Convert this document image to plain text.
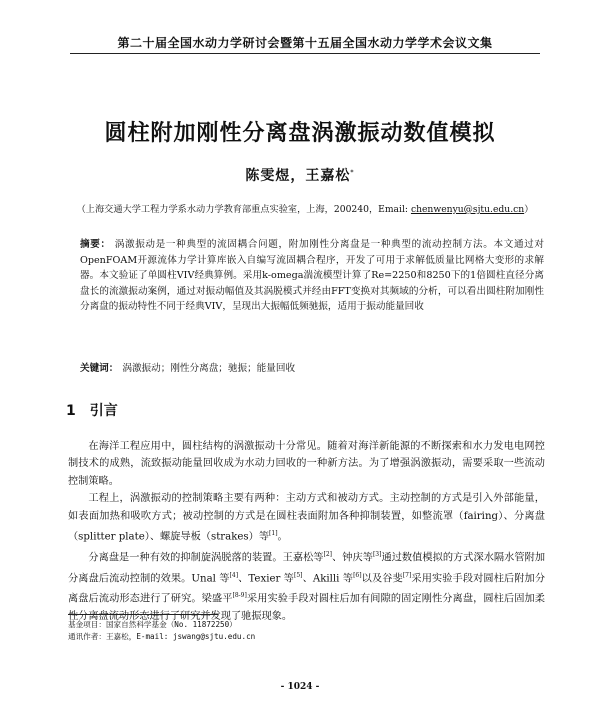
第二十届全国水动力学研讨会暨第十五届全国水动力学学术会议文集
圆柱附加刚性分离盘涡激振动数值模拟
陈雯煜，王嘉松*
（上海交通大学工程力学系水动力学教育部重点实验室，上海，200240，Email: chenwenyu@sjtu.edu.cn）
摘要： 涡激振动是一种典型的流固耦合问题，附加刚性分离盘是一种典型的流动控制方法。本文通过对OpenFOAM开源流体力学计算库嵌入自编写流固耦合程序，开发了可用于求解低质量比网格大变形的求解器。本文验证了单圆柱VIV经典算例。采用k-omega湍流模型计算了Re=2250和8250下的1倍圆柱直径分离盘长的流激振动案例，通过对振动幅值及其涡脱模式并经由FFT变换对其频域的分析，可以看出圆柱附加刚性分离盘的振动特性不同于经典VIV，呈现出大振幅低频驰振，适用于振动能量回收
关键词： 涡激振动；刚性分离盘；驰振；能量回收
1 引言

在海洋工程应用中，圆柱结构的涡激振动十分常见。随着对海洋新能源的不断探索和水力发电电网控制技术的成熟，流致振动能量回收成为水动力回收的一种新方法。为了增强涡激振动，需要采取一些流动控制策略。

工程上，涡激振动的控制策略主要有两种：主动方式和被动方式。主动控制的方式是引入外部能量，如表面加热和吸吹方式；被动控制的方式是在圆柱表面附加各种抑制装置，如整流罩（fairing）、分离盘（splitter plate）、螺旋导板（strakes）等[1]。

分离盘是一种有效的抑制旋涡脱落的装置。王嘉松等[2]、钟庆等[3]通过数值模拟的方式深水隔水管附加分离盘后流动控制的效果。Unal 等[4]、Texier 等[5]、Akilli 等[6]以及谷斐[7]采用实验手段对圆柱后附加分离盘后流动形态进行了研究。梁盛平[8-9]采用实验手段对圆柱后加有间隙的固定刚性分离盘，圆柱后固加柔性分离盘流动形态进行了研究并发现了驰振现象。

基金项目：国家自然科学基金（No. 11872250）
通讯作者：王嘉松，E-mail: jswang@sjtu.edu.cn
- 1024 -
